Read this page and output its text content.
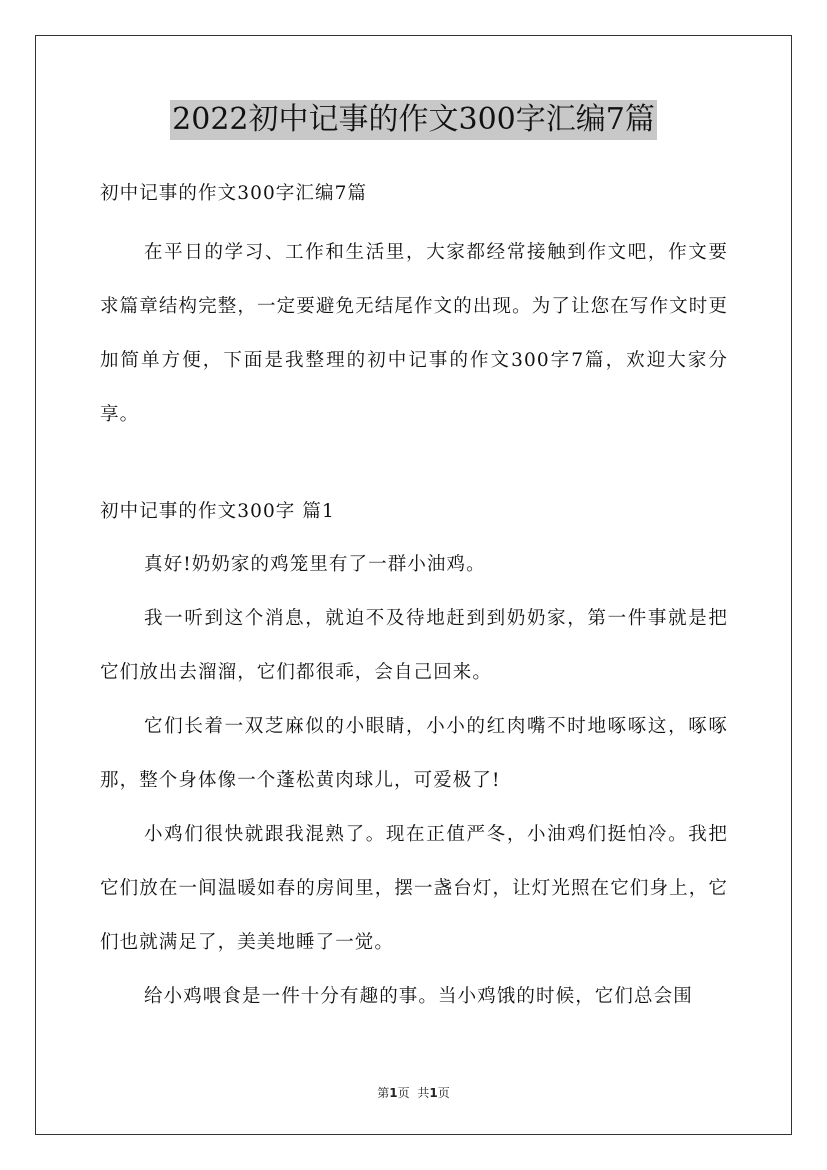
2022初中记事的作文300字汇编7篇
初中记事的作文300字汇编7篇

在平日的学习、工作和生活里，大家都经常接触到作文吧，作文要求篇章结构完整，一定要避免无结尾作文的出现。为了让您在写作文时更加简单方便，下面是我整理的初中记事的作文300字7篇，欢迎大家分享。

初中记事的作文300字 篇1

真好!奶奶家的鸡笼里有了一群小油鸡。

我一听到这个消息，就迫不及待地赶到到奶奶家，第一件事就是把它们放出去溜溜，它们都很乖，会自己回来。

它们长着一双芝麻似的小眼睛，小小的红肉嘴不时地啄啄这，啄啄那，整个身体像一个蓬松黄肉球儿，可爱极了!

小鸡们很快就跟我混熟了。现在正值严冬，小油鸡们挺怕冷。我把它们放在一间温暖如春的房间里，摆一盏台灯，让灯光照在它们身上，它们也就满足了，美美地睡了一觉。

给小鸡喂食是一件十分有趣的事。当小鸡饿的时候，它们总会围

第1页 共1页
